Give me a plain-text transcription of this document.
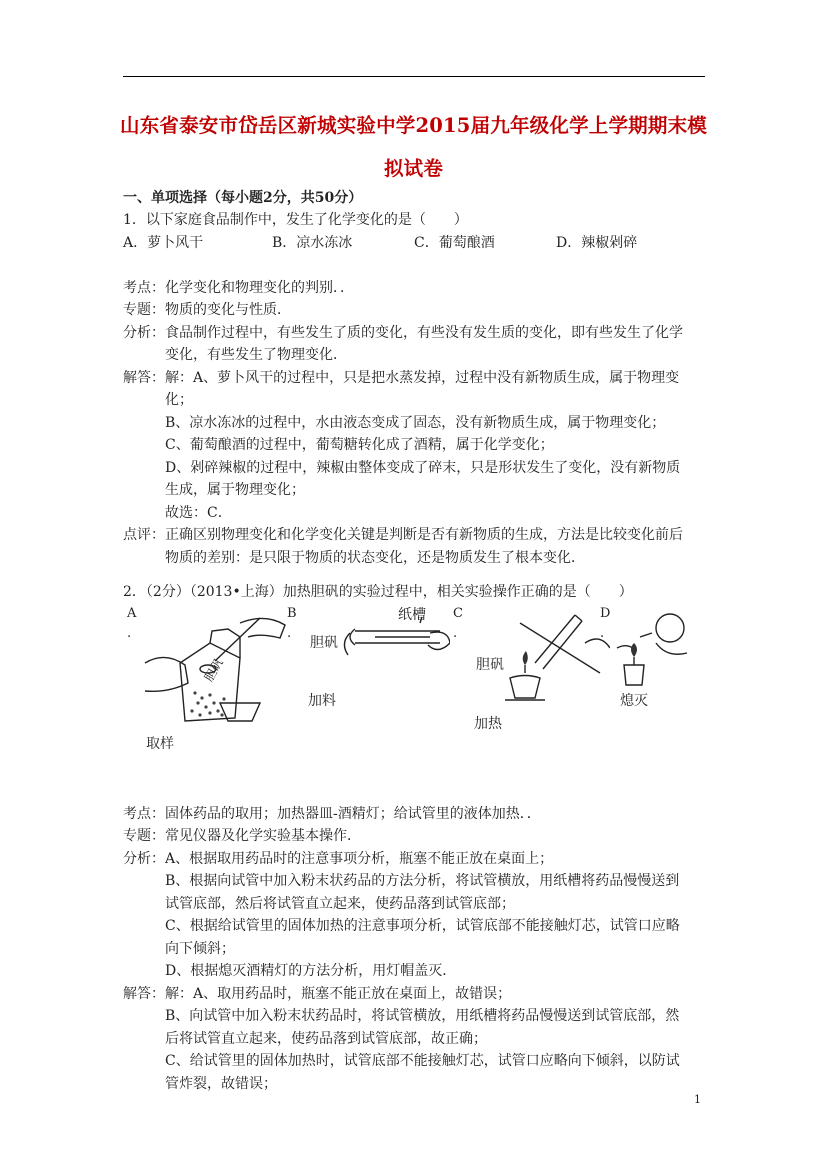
山东省泰安市岱岳区新城实验中学2015届九年级化学上学期期末模
拟试卷
一、单项选择（每小题2分，共50分）
1．以下家庭食品制作中，发生了化学变化的是（　　）
A．萝卜风干	B．凉水冻冰	C．葡萄酿酒	D．辣椒剁碎
考点：化学变化和物理变化的判别．．
专题：物质的变化与性质．
分析：食品制作过程中，有些发生了质的变化，有些没有发生质的变化，即有些发生了化学
变化，有些发生了物理变化．
解答：解：A、萝卜风干的过程中，只是把水蒸发掉，过程中没有新物质生成，属于物理变
化；
B、凉水冻冰的过程中，水由液态变成了固态，没有新物质生成，属于物理变化；
C、葡萄酿酒的过程中，葡萄糖转化成了酒精，属于化学变化；
D、剁碎辣椒的过程中，辣椒由整体变成了碎末，只是形状发生了变化，没有新物质
生成，属于物理变化；
故选：C．
点评：正确区别物理变化和化学变化关键是判断是否有新物质的生成，方法是比较变化前后
物质的差别：是只限于物质的状态变化，还是物质发生了根本变化．
2．（2分）（2013•上海）加热胆矾的实验过程中，相关实验操作正确的是（　　）
A
.
B
.
C
.
D
.
胆矾
取样
纸槽
胆矾
加料
胆矾
加热
熄灭
考点：固体药品的取用；加热器皿-酒精灯；给试管里的液体加热．．
专题：常见仪器及化学实验基本操作．
分析：A、根据取用药品时的注意事项分析，瓶塞不能正放在桌面上；
B、根据向试管中加入粉末状药品的方法分析，将试管横放，用纸槽将药品慢慢送到
试管底部，然后将试管直立起来，使药品落到试管底部；
C、根据给试管里的固体加热的注意事项分析，试管底部不能接触灯芯，试管口应略
向下倾斜；
D、根据熄灭酒精灯的方法分析，用灯帽盖灭．
解答：解：A、取用药品时，瓶塞不能正放在桌面上，故错误；
B、向试管中加入粉末状药品时，将试管横放，用纸槽将药品慢慢送到试管底部，然
后将试管直立起来，使药品落到试管底部，故正确；
C、给试管里的固体加热时，试管底部不能接触灯芯，试管口应略向下倾斜，以防试
管炸裂，故错误；
1
